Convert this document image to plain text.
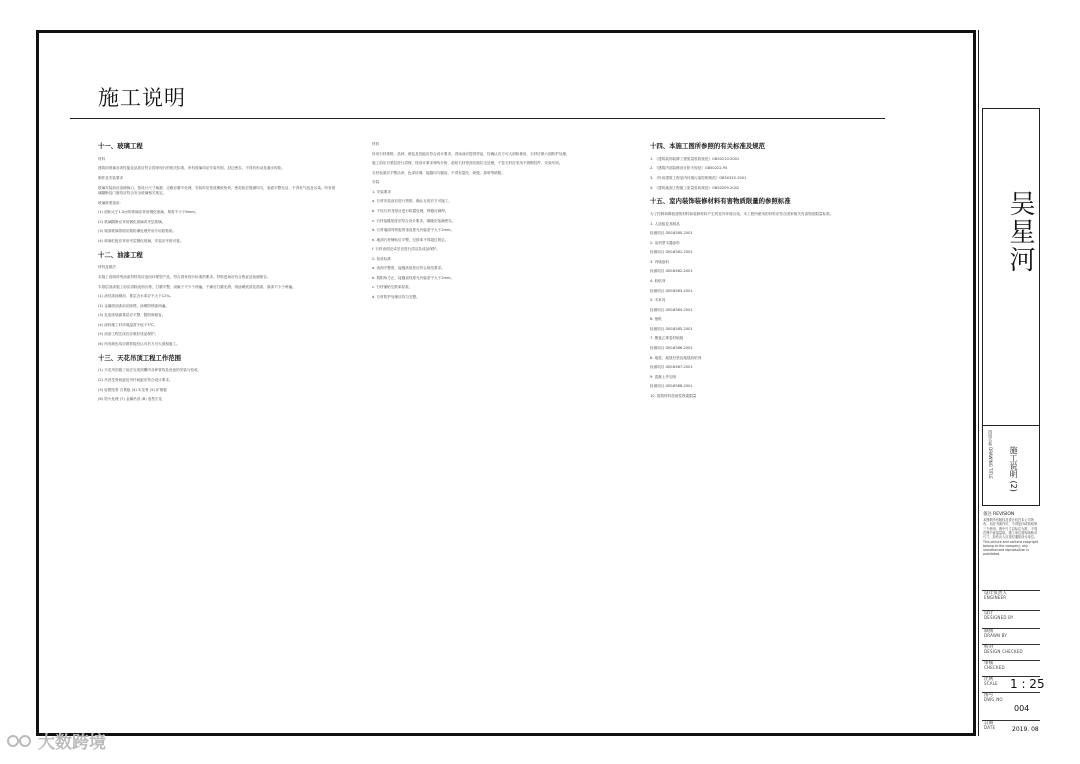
施工说明
十一、玻璃工程
材料
建筑用玻璃各项性能及品质应符合国家现行的相关标准，所有玻璃均应安装牢固，封边密实，不得有松动及漏水现象。
制作及安装要求
玻璃安装前应清理裁口，按设计尺寸裁割，边缘应磨平处理，安装时应垫放橡胶垫块，密封胶应饱满均匀，表面平整光洁，不得有气泡及污染。所有玻璃隔断及门窗均应符合安全玻璃相关规定。
玻璃厚度选用：
(1) 面积大于1.5㎡的玻璃应采用钢化玻璃，厚度不小于6mm。
(2) 玻璃隔断应采用钢化玻璃或夹层玻璃。
(3) 镜面玻璃背面应做防潮处理并用专用胶粘贴。
(4) 玻璃栏板应采用夹层钢化玻璃，安装应牢固可靠。
十二、油漆工程
材料及做法
本施工说明所列油漆材料均应选用环保型产品，符合国家现行标准的要求，材料进场应有合格证及检测报告。
木基层油漆施工前应清除表面污物，打磨平整，刮腻子不少于两遍，干燥后打磨光滑，再涂刷底漆及面漆，面漆不少于两遍。
(1) 油性漆涂刷前，基层含水率应不大于12%。
(2) 金属面油漆前应除锈，涂刷防锈漆两遍。
(3) 乳胶漆墙面基层应平整，阴阳角顺直。
(4) 涂料施工时环境温度不低于5℃。
(5) 油漆工程完成后应做好成品保护。
(6) 所有颜色均应做样板经认可后方可大面积施工。
十三、天花吊顶工程工作范围
(1) 天花吊顶施工前应完成顶棚内各种管线及设备的安装与验收。
(2) 吊顶龙骨间距及吊杆间距应符合设计要求。
(3) 轻钢龙骨 石膏板 (4) 木龙骨 (5) 矿棉板
(6) 防火处理 (7) 金属吊顶 (8) 造型天花
材料
所用石材规格、品种、颜色及性能应符合设计要求，进场前应提供样品，经确认后方可大面积使用，石材应做六面防护处理。
施工前应对基层进行清理，按设计要求弹线分格，湿贴石材背面应做拉毛处理，干挂石材应采用不锈钢挂件，安装牢固。
石材表面应平整洁净，色泽协调，接缝均匀顺直，不得有裂纹、缺棱、掉角等缺陷。
安装
1. 安装要求
a. 石材安装前应进行预排，确认无误后方可施工。
b. 干挂石材龙骨应进行防腐处理，焊缝应满焊。
c. 石材接缝宽度应符合设计要求，填缝应饱满密实。
d. 石材墙面每块板的垂直度允许偏差不大于2mm。
e. 地面石材铺贴应平整，空鼓率不得超过规定。
f. 石材表面完成后应进行清洁及成品保护。
2. 检验标准
a. 表面平整度、接缝高低差应符合规范要求。
b. 阴阳角方正，接缝直线度允许偏差不大于2mm。
c. 石材铺贴空鼓率检查。
d. 石材防护处理应均匀完整。
十四、本施工图所参照的有关标准及规范
1. 《建筑装饰装修工程质量验收规范》GB50210-2001
2. 《建筑内部装修设计防火规范》GB50222-95
3. 《民用建筑工程室内环境污染控制规范》GB50325-2001
4. 《建筑地面工程施工质量验收规范》GB50209-2002
十五、室内装饰装修材料有害物质限量的参照标准
为了控制和降低建筑材料和装修材料产生的室内环境污染，本工程所使用的材料应符合国家相关有害物质限量标准。
1. 人造板及其制品
检测项目 GB18580-2001
2. 溶剂型木器涂料
检测项目 GB18581-2001
3. 内墙涂料
检测项目 GB18582-2001
4. 胶粘剂
检测项目 GB18583-2001
5. 木家具
检测项目 GB18584-2001
6. 壁纸
检测项目 GB18585-2001
7. 聚氯乙烯卷材地板
检测项目 GB18586-2001
8. 地毯、地毯衬垫及地毯胶粘剂
检测项目 GB18587-2001
9. 混凝土外加剂
检测项目 GB18588-2001
10. 建筑材料放射性核素限量
吴星河
图纸名称 DRAWING TITLE 施工说明 (2)
备注 REVISION
本图纸所有版权及设计权归本公司所有，未经书面许可，不得复印或转给第三方使用。图中尺寸以标注为准，不得在图中直接量取。施工单位需现场核对尺寸，如有出入应及时通知设计单位。This picture and content copyright belong to the company, any unauthorized reproduction is prohibited.
设计负责人
ENGINEER
设计
DESIGNED BY
制图
DRAWN BY
校对
DESIGN CHECKED
审核
CHECKED
比例
SCALE	1 : 25
图号
DWG NO
004
日期
DATE	2019. 08
大数跨境
